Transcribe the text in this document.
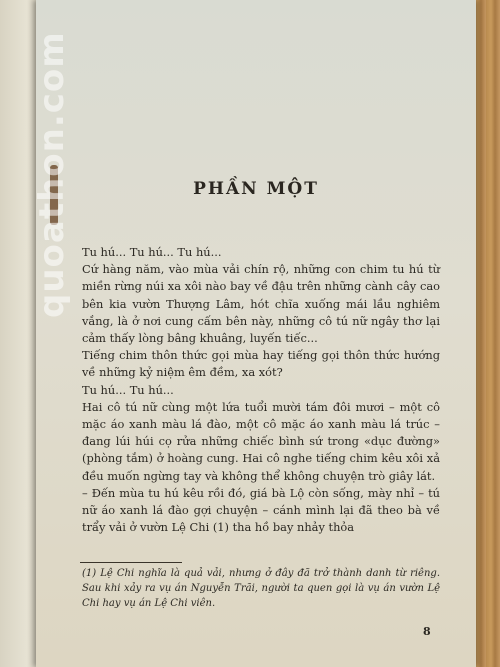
quoathon.com	PHẦN MỘT

Tu hú... Tu hú... Tu hú...

Cứ hàng năm, vào mùa vải chín rộ, những con chim tu hú từ miền rừng núi xa xôi nào bay về đậu trên những cành cây cao bên kia vườn Thượng Lâm, hót chĩa xuống mái lầu nghiêm vắng, là ở nơi cung cấm bên này, những cô tú nữ ngây thơ lại cảm thấy lòng bâng khuâng, luyến tiếc...

Tiếng chim thôn thức gọi mùa hay tiếng gọi thôn thức hướng về những kỷ niệm êm đềm, xa xót?

Tu hú... Tu hú...

Hai cô tú nữ cùng một lứa tuổi mười tám đôi mươi – một cô mặc áo xanh màu lá đào, một cô mặc áo xanh màu lá trúc – đang lúi húi cọ rửa những chiếc bình sứ trong «dục đường» (phòng tắm) ở hoàng cung. Hai cô nghe tiếng chim kêu xôi xả đều muốn ngừng tay và không thể không chuyện trò giây lát.

– Đến mùa tu hú kêu rồi đó, giá bà Lộ còn sống, mày nhỉ – tú nữ áo xanh lá đào gợi chuyện – cánh mình lại đã theo bà về trẩy vải ở vườn Lệ Chi (1) tha hồ bay nhảy thỏa

(1) Lệ Chi nghĩa là quả vải, nhưng ở đây đã trở thành danh từ riêng. Sau khi xảy ra vụ án Nguyễn Trãi, người ta quen gọi là vụ án vườn Lệ Chi hay vụ án Lệ Chi viên.

8
